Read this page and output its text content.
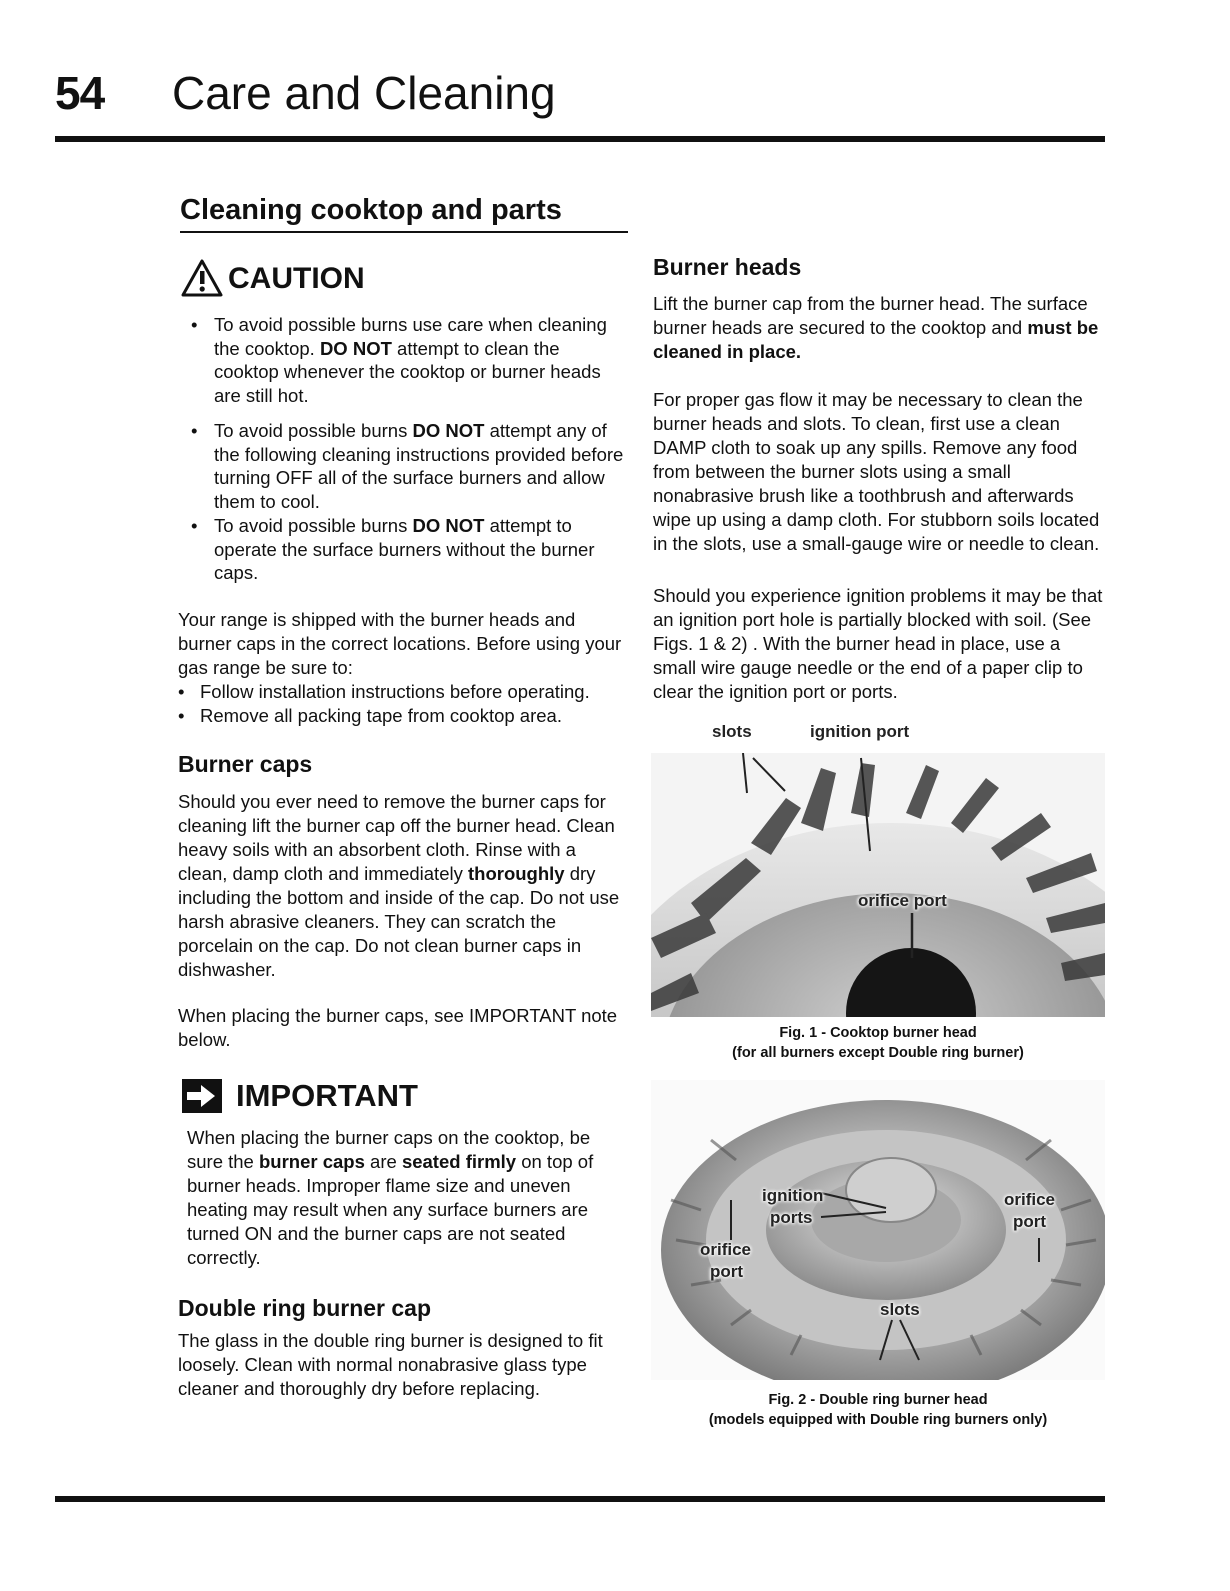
54 Care and Cleaning
Cleaning cooktop and parts
CAUTION
• To avoid possible burns use care when cleaning the cooktop. DO NOT attempt to clean the cooktop whenever the cooktop or burner heads are still hot.
• To avoid possible burns DO NOT attempt any of the following cleaning instructions provided before turning OFF all of the surface burners and allow them to cool.
• To avoid possible burns DO NOT attempt to operate the surface burners without the burner caps.
Your range is shipped with the burner heads and burner caps in the correct locations. Before using your gas range be sure to:
• Follow installation instructions before operating.
• Remove all packing tape from cooktop area.
Burner caps
Should you ever need to remove the burner caps for cleaning lift the burner cap off the burner head. Clean heavy soils with an absorbent cloth. Rinse with a clean, damp cloth and immediately thoroughly dry including the bottom and inside of the cap. Do not use harsh abrasive cleaners. They can scratch the porcelain on the cap. Do not clean burner caps in dishwasher.
When placing the burner caps, see IMPORTANT note below.
IMPORTANT
When placing the burner caps on the cooktop, be sure the burner caps are seated firmly on top of burner heads. Improper flame size and uneven heating may result when any surface burners are turned ON and the burner caps are not seated correctly.
Double ring burner cap
The glass in the double ring burner is designed to fit loosely. Clean with normal nonabrasive glass type cleaner and thoroughly dry before replacing.
Burner heads
Lift the burner cap from the burner head. The surface burner heads are secured to the cooktop and must be cleaned in place.
For proper gas flow it may be necessary to clean the burner heads and slots. To clean, first use a clean DAMP cloth to soak up any spills. Remove any food from between the burner slots using a small nonabrasive brush like a toothbrush and afterwards wipe up using a damp cloth. For stubborn soils located in the slots, use a small-gauge wire or needle to clean.
Should you experience ignition problems it may be that an ignition port hole is partially blocked with soil. (See Figs. 1 & 2) . With the burner head in place, use a small wire gauge needle or the end of a paper clip to clear the ignition port or ports.
slots	ignition port
orifice port
Fig. 1 - Cooktop burner head
(for all burners except Double ring burner)
ignition
ports
orifice
port
orifice
port
slots
Fig. 2 - Double ring burner head
(models equipped with Double ring burners only)
